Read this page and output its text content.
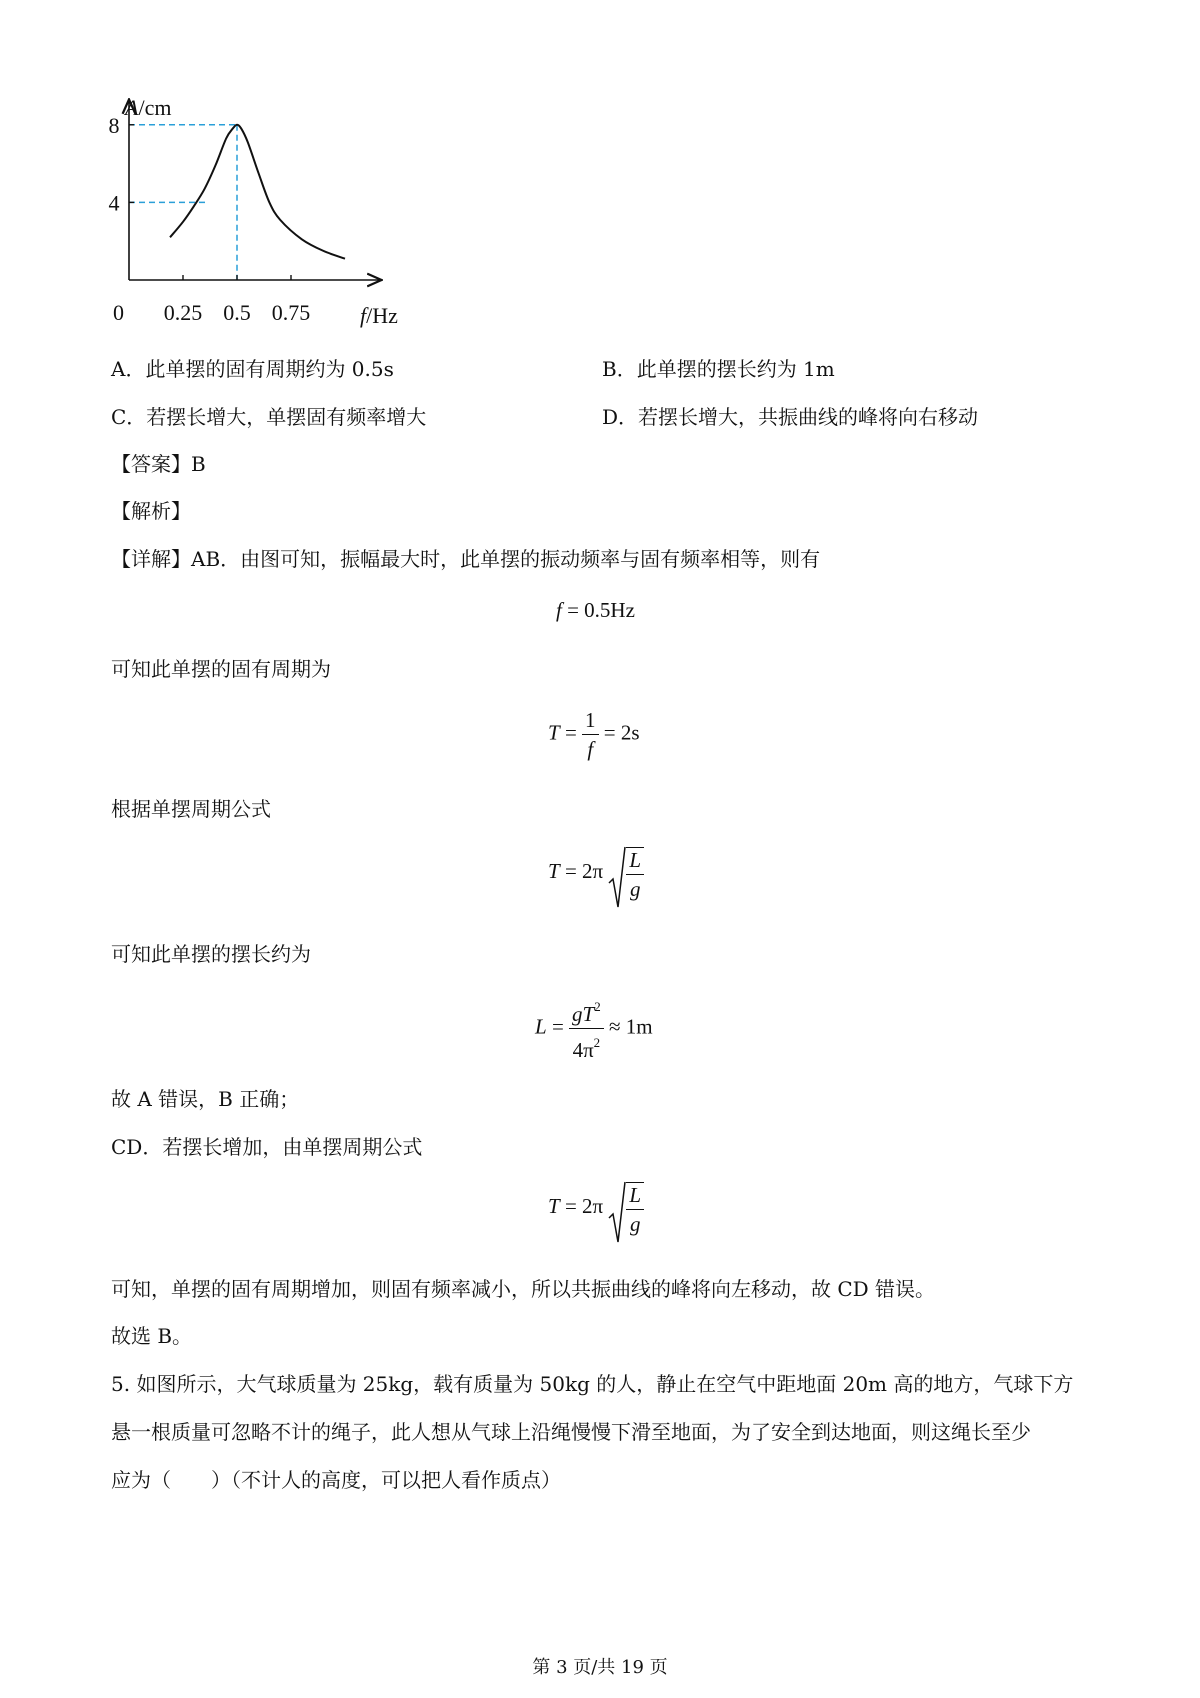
0.25 0.5 0.75
4
8
A/cm
f/Hz
0
A．此单摆的固有周期约为 0.5s	B．此单摆的摆长约为 1m
C．若摆长增大，单摆固有频率增大	D．若摆长增大，共振曲线的峰将向右移动
【答案】B
【解析】
【详解】AB．由图可知，振幅最大时，此单摆的振动频率与固有频率相等，则有
f = 0.5Hz
可知此单摆的固有周期为
$T = \frac{1}{f} = 2s$
根据单摆周期公式
$T = 2\pi \frac{L}{g}$
可知此单摆的摆长约为
$L = \frac{gT^2}{4\pi^2} \approx 1m$
故 A 错误，B 正确；
CD．若摆长增加，由单摆周期公式
$T = 2\pi \frac{L}{g}$
可知，单摆的固有周期增加，则固有频率减小，所以共振曲线的峰将向左移动，故 CD 错误。
故选 B。
5. 如图所示，大气球质量为 25kg，载有质量为 50kg 的人，静止在空气中距地面 20m 高的地方，气球下方
悬一根质量可忽略不计的绳子，此人想从气球上沿绳慢慢下滑至地面，为了安全到达地面，则这绳长至少
应为（　　）（不计人的高度，可以把人看作质点）
第 3 页/共 19 页
